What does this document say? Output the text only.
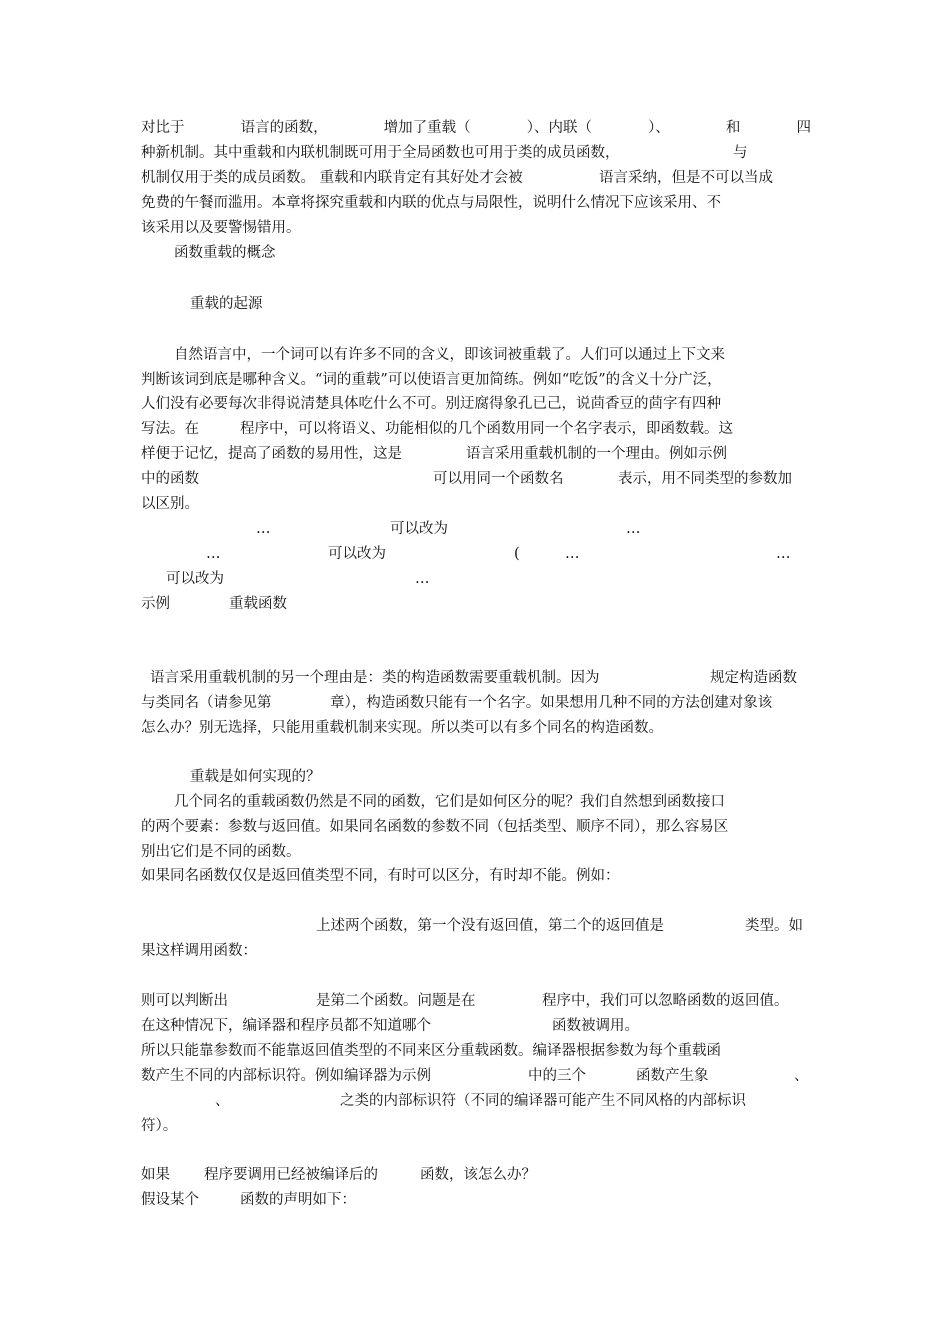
对比于	语言的函数，	增加了重载（	）、内联（	）、	和	四
种新机制。其中重载和内联机制既可用于全局函数也可用于类的成员函数，	与
机制仅用于类的成员函数。 重载和内联肯定有其好处才会被	语言采纳，但是不可以当成
免费的午餐而滥用。本章将探究重载和内联的优点与局限性，说明什么情况下应该采用、不
该采用以及要警惕错用。
函数重载的概念
重载的起源
自然语言中，一个词可以有许多不同的含义，即该词被重载了。人们可以通过上下文来
判断该词到底是哪种含义。“词的重载”可以使语言更加简练。例如“吃饭”的含义十分广泛，
人们没有必要每次非得说清楚具体吃什么不可。别迂腐得象孔已己，说茴香豆的茴字有四种
写法。在	程序中，可以将语义、功能相似的几个函数用同一个名字表示，即函数载。这
样便于记忆，提高了函数的易用性，这是	语言采用重载机制的一个理由。例如示例
中的函数	可以用同一个函数名	表示，用不同类型的参数加
以区别。
…	可以改为	…
…	可以改为	(	…	…
可以改为	…
示例	重载函数
语言采用重载机制的另一个理由是：类的构造函数需要重载机制。因为	规定构造函数
与类同名（请参见第	章），构造函数只能有一个名字。如果想用几种不同的方法创建对象该
怎么办？别无选择，只能用重载机制来实现。所以类可以有多个同名的构造函数。
重载是如何实现的？
几个同名的重载函数仍然是不同的函数，它们是如何区分的呢？我们自然想到函数接口
的两个要素：参数与返回值。如果同名函数的参数不同（包括类型、顺序不同），那么容易区
别出它们是不同的函数。
如果同名函数仅仅是返回值类型不同，有时可以区分，有时却不能。例如：
上述两个函数，第一个没有返回值，第二个的返回值是	类型。如
果这样调用函数：
则可以判断出	是第二个函数。问题是在	程序中，我们可以忽略函数的返回值。
在这种情况下，编译器和程序员都不知道哪个	函数被调用。
所以只能靠参数而不能靠返回值类型的不同来区分重载函数。编译器根据参数为每个重载函
数产生不同的内部标识符。例如编译器为示例	中的三个	函数产生象	、
、	之类的内部标识符（不同的编译器可能产生不同风格的内部标识
符）。
如果 程序要调用已经被编译后的	函数，该怎么办？
假设某个	函数的声明如下：
